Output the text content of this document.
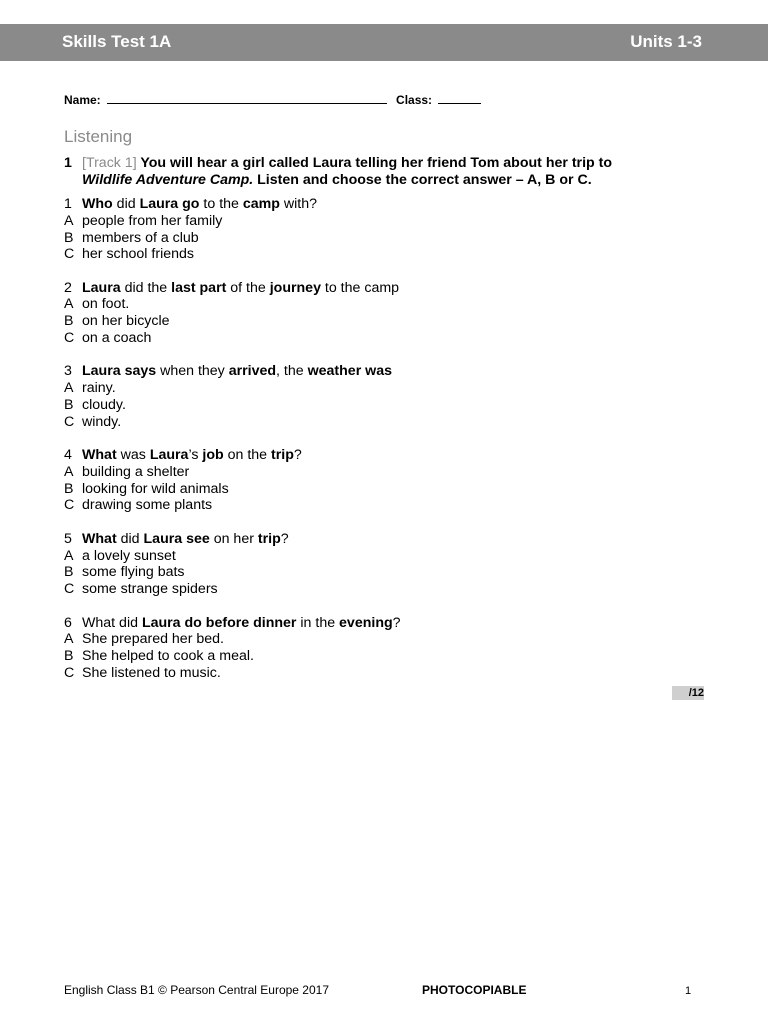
Skills Test 1A	Units 1-3
Name:	Class:
Listening
1 [Track 1] You will hear a girl called Laura telling her friend Tom about her trip to
Wildlife Adventure Camp. Listen and choose the correct answer – A, B or C.
1 Who did Laura go to the camp with?
A people from her family
B members of a club
C her school friends
2 Laura did the last part of the journey to the camp
A on foot.
B on her bicycle
C on a coach
3 Laura says when they arrived, the weather was
A rainy.
B cloudy.
C windy.
4 What was Laura’s job on the trip?
A building a shelter
B looking for wild animals
C drawing some plants
5 What did Laura see on her trip?
A a lovely sunset
B some flying bats
C some strange spiders
6 What did Laura do before dinner in the evening?
A She prepared her bed.
B She helped to cook a meal.
C She listened to music.
/12
English Class B1 © Pearson Central Europe 2017	PHOTOCOPIABLE	1
